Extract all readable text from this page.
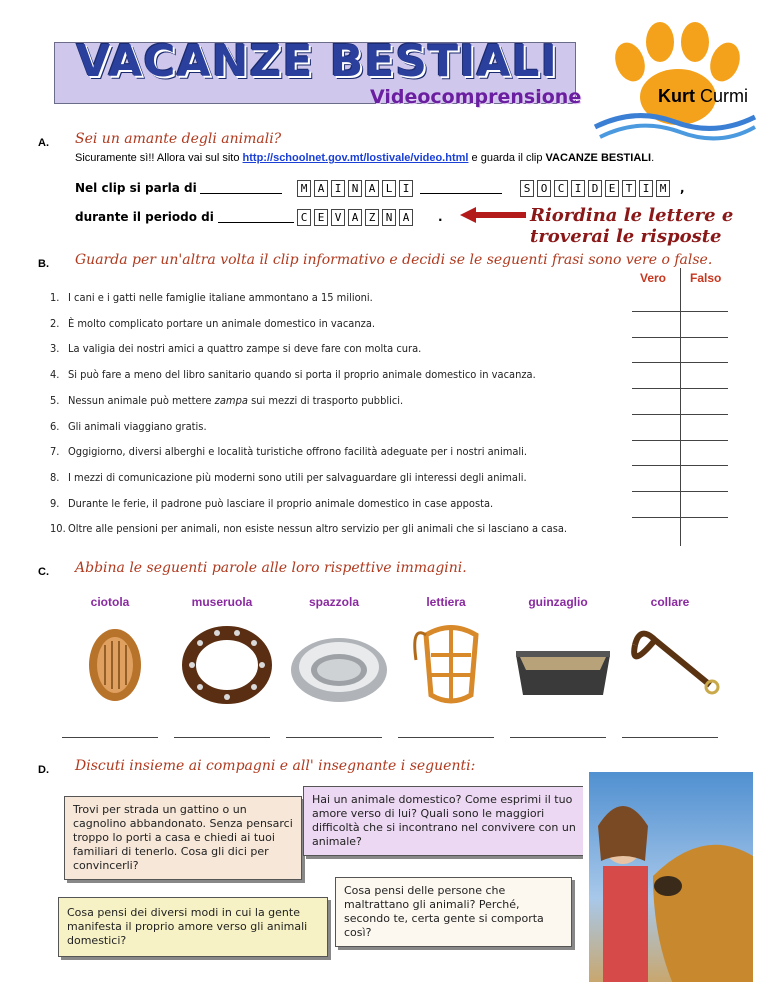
VACANZE BESTIALI
Videocomprensione	Kurt Curmi
A. Sei un amante degli animali?
Sicuramente sì!! Allora vai sul sito http://schoolnet.gov.mt/lostivale/video.html e guarda il clip VACANZE BESTIALI.
Nel clip si parla di	M A I N A L I	S O C I D E T I M	,
durante il periodo di	C E V A Z N A	.	Riordina le lettere e troverai le risposte
B. Guarda per un'altra volta il clip informativo e decidi se le seguenti frasi sono vere o false.
Vero Falso
1. I cani e i gatti nelle famiglie italiane ammontano a 15 milioni.
2. È molto complicato portare un animale domestico in vacanza.
3. La valigia dei nostri amici a quattro zampe si deve fare con molta cura.
4. Si può fare a meno del libro sanitario quando si porta il proprio animale domestico in vacanza.
5. Nessun animale può mettere zampa sui mezzi di trasporto pubblici.
6. Gli animali viaggiano gratis.
7. Oggigiorno, diversi alberghi e località turistiche offrono facilità adeguate per i nostri animali.
8. I mezzi di comunicazione più moderni sono utili per salvaguardare gli interessi degli animali.
9. Durante le ferie, il padrone può lasciare il proprio animale domestico in case apposta.
10. Oltre alle pensioni per animali, non esiste nessun altro servizio per gli animali che si lasciano a casa.
C. Abbina le seguenti parole alle loro rispettive immagini.
ciotola	museruola	spazzola	lettiera	guinzaglio	collare
D. Discuti insieme ai compagni e all' insegnante i seguenti:
Trovi per strada un gattino o un cagnolino abbandonato. Senza pensarci troppo lo porti a casa e chiedi ai tuoi familiari di tenerlo. Cosa gli dici per convincerli?
Cosa pensi dei diversi modi in cui la gente manifesta il proprio amore verso gli animali domestici?
Hai un animale domestico? Come esprimi il tuo amore verso di lui? Quali sono le maggiori difficoltà che si incontrano nel convivere con un animale?
Cosa pensi delle persone che maltrattano gli animali? Perché, secondo te, certa gente si comporta così?
